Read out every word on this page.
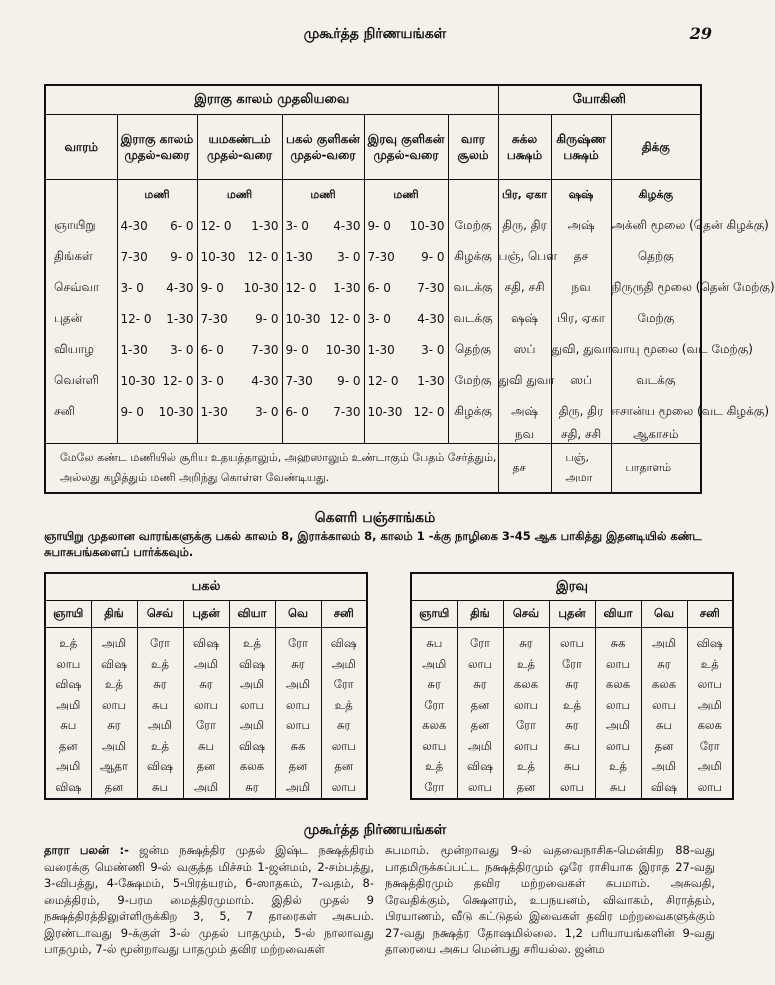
முகூர்த்த நிர்ணயங்கள்	29
இராகு காலம் முதலியவை						யோகினி		
வாரம்	இராகு காலம் முதல்-வரை	யமகண்டம் முதல்-வரை	பகல் குளிகன் முதல்-வரை	இரவு குளிகன் முதல்-வரை	வார சூலம்	சுக்ல பக்ஷம்	கிருஷ்ண பக்ஷம்	திக்கு
	மணி	மணி	மணி	மணி		பிர, ஏகா	ஷஷ்	கிழக்கு
ஞாயிறு	4-30 6- 0	12- 0 1-30	3- 0 4-30	9- 0 10-30	மேற்கு	திரு, திர	அஷ்	அக்னி மூலை (தென் கிழக்கு)
திங்கள்	7-30 9- 0	10-30 12- 0	1-30 3- 0	7-30 9- 0	கிழக்கு	பஞ், பௌ	தச	தெற்கு
செவ்வா	3- 0 4-30	9- 0 10-30	12- 0 1-30	6- 0 7-30	வடக்கு	சதி, சசி	நவ	நிருருதி மூலை (தென் மேற்கு)
புதன்	12- 0 1-30	7-30 9- 0	10-30 12- 0	3- 0 4-30	வடக்கு	ஷஷ்	பிர, ஏகா	மேற்கு
வியாழ	1-30 3- 0	6- 0 7-30	9- 0 10-30	1-30 3- 0	தெற்கு	ஸப்	துவி, துவா	வாயு மூலை (வட மேற்கு)
வெள்ளி	10-30 12- 0	3- 0 4-30	7-30 9- 0	12- 0 1-30	மேற்கு	துவி துவா	ஸப்	வடக்கு
சனி	9- 0 10-30	1-30 3- 0	6- 0 7-30	10-30 12- 0	கிழக்கு	அஷ்	திரு, திர	ஈசான்ய மூலை (வட கிழக்கு)
						நவ	சதி, சசி	ஆகாசம்
மேலே கண்ட மணியில் சூரிய உதயத்தாலும், அஹஸாலும் உண்டாகும் பேதம் சேர்த்தும், அல்லது கழித்தும் மணி அறிந்து கொள்ள வேண்டியது.						தச	பஞ், அமா	பாதாளம்
கௌரி பஞ்சாங்கம்
ஞாயிறு முதலான வாரங்களுக்கு பகல் காலம் 8, இராக்காலம் 8, காலம் 1 -க்கு நாழிகை 3-45 ஆக பாகித்து இதனடியில் கண்ட சுபாசுபங்களைப் பார்க்கவும்.
பகல்						
ஞாயி	திங்	செவ்	புதன்	வியா	வெ	சனி
உத்	அமி	ரோ	விஷ	உத்	ரோ	விஷ
லாப	விஷ	உத்	அமி	விஷ	சுர	அமி
விஷ	உத்	சுர	சுர	அமி	அமி	ரோ
அமி	லாப	சுப	லாப	லாப	லாப	உத்
சுப	சுர	அமி	ரோ	அமி	லாப	சுர
தன	அமி	உத்	சுப	விஷ	சுக	லாப
அமி	ஆதா	விஷ	தன	கலக	தன	தன
விஷ	தன	சுப	அமி	சுர	அமி	லாப
இரவு						
ஞாயி	திங்	செவ்	புதன்	வியா	வெ	சனி
சுப	ரோ	சுர	லாப	சுக	அமி	விஷ
அமி	லாப	உத்	ரோ	லாப	சுர	உத்
சுர	சுர	கலக	சுர	கலக	கலக	லாப
ரோ	தன	லாப	உத்	லாப	லாப	அமி
கலக	தன	ரோ	சுர	அமி	சுப	கலக
லாப	அமி	லாப	சுப	லாப	தன	ரோ
உத்	விஷ	உத்	சுப	உத்	அமி	அமி
ரோ	லாப	தன	லாப	சுப	விஷ	லாப
முகூர்த்த நிர்ணயங்கள்
தாரா பலன் :- ஜன்ம நக்ஷத்திர முதல் இஷ்ட நக்ஷத்திரம் வரைக்கு மெண்ணி 9-ல் வகுத்த மிச்சம் 1-ஜன்மம், 2-சம்பத்து, 3-விபத்து, 4-க்ஷேமம், 5-பிரத்யரம், 6-ஸாதகம், 7-வதம், 8-மைத்திரம், 9-பரம மைத்திரமுமாம். இதில் முதல் 9 நக்ஷத்திரத்திலுள்ளிருக்கிற 3, 5, 7 தாரைகள் அசுபம். இரண்டாவது 9-க்குள் 3-ல் முதல் பாதமும், 5-ல் நாலாவது பாதமும், 7-ல் மூன்றாவது பாதமும் தவிர மற்றவைகள்
சுபமாம். மூன்றாவது 9-ல் வதவைநாசிக-மென்கிற 88-வது பாதமிருக்கப்பட்ட நக்ஷத்திரமும் ஒரே ராசியாக இராத 27-வது நக்ஷத்திரமும் தவிர மற்றவைகள் சுபமாம். அசுவதி, ரேவதிக்கும், க்ஷௌரம், உபநயனம், விவாகம், சிராத்தம், பிரயாணம், வீடு கட்டுதல் இவைகள் தவிர மற்றவைகளுக்கும் 27-வது நக்ஷத்ர தோஷமில்லை. 1,2 பரியாயங்களின் 9-வது தாரையை அசுப மென்பது சரியல்ல. ஜன்ம
